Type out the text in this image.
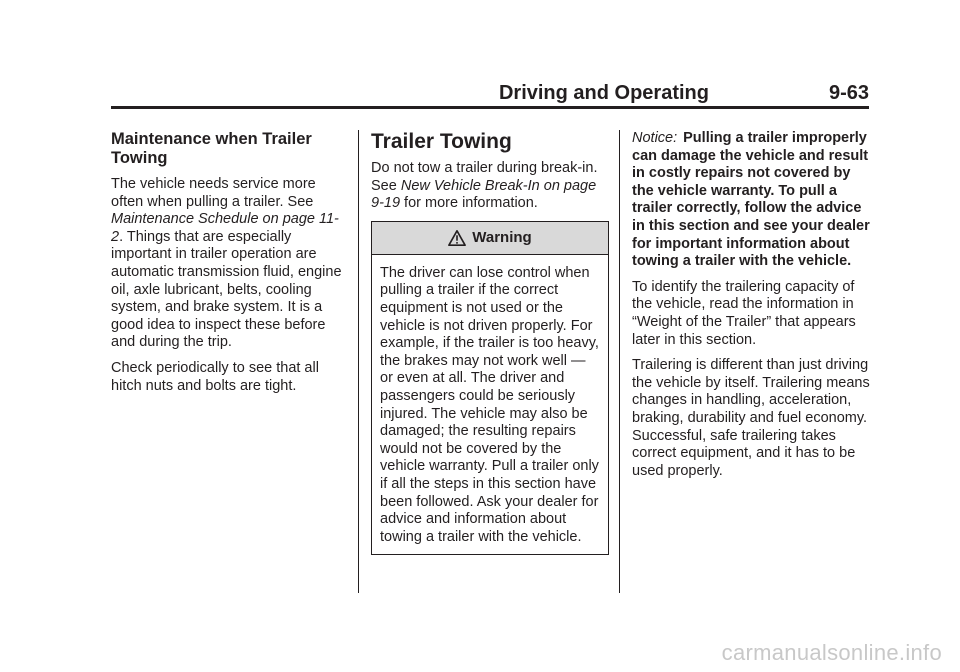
Driving and Operating	9-63
Maintenance when Trailer Towing

The vehicle needs service more often when pulling a trailer. See Maintenance Schedule on page 11-2. Things that are especially important in trailer operation are automatic transmission fluid, engine oil, axle lubricant, belts, cooling system, and brake system. It is a good idea to inspect these before and during the trip.

Check periodically to see that all hitch nuts and bolts are tight.

Trailer Towing

Do not tow a trailer during break-in. See New Vehicle Break-In on page 9-19 for more information.

Warning

The driver can lose control when pulling a trailer if the correct equipment is not used or the vehicle is not driven properly. For example, if the trailer is too heavy, the brakes may not work well — or even at all. The driver and passengers could be seriously injured. The vehicle may also be damaged; the resulting repairs would not be covered by the vehicle warranty. Pull a trailer only if all the steps in this section have been followed. Ask your dealer for advice and information about towing a trailer with the vehicle.

Notice: Pulling a trailer improperly can damage the vehicle and result in costly repairs not covered by the vehicle warranty. To pull a trailer correctly, follow the advice in this section and see your dealer for important information about towing a trailer with the vehicle.

To identify the trailering capacity of the vehicle, read the information in “Weight of the Trailer” that appears later in this section.

Trailering is different than just driving the vehicle by itself. Trailering means changes in handling, acceleration, braking, durability and fuel economy. Successful, safe trailering takes correct equipment, and it has to be used properly.

carmanualsonline.info
